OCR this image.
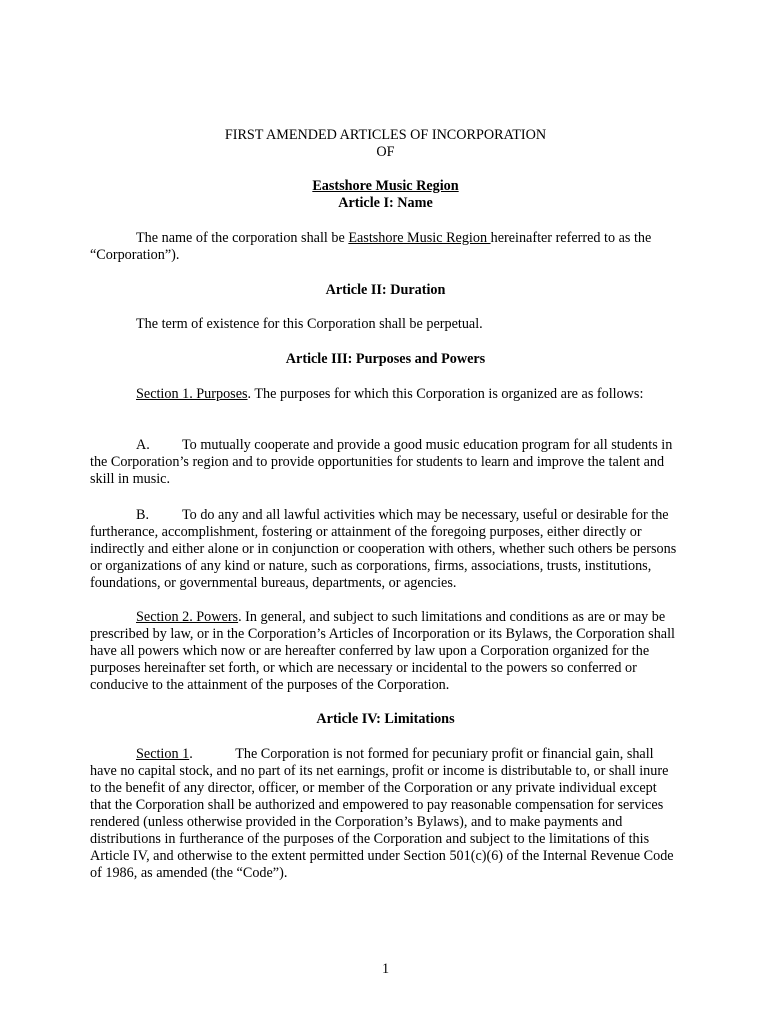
FIRST AMENDED ARTICLES OF INCORPORATION
OF
Eastshore Music Region
Article I: Name

The name of the corporation shall be Eastshore Music Region hereinafter referred to as the “Corporation”).

Article II: Duration

The term of existence for this Corporation shall be perpetual.

Article III: Purposes and Powers

Section 1. Purposes. The purposes for which this Corporation is organized are as follows:

A. To mutually cooperate and provide a good music education program for all students in the Corporation’s region and to provide opportunities for students to learn and improve the talent and skill in music.

B. To do any and all lawful activities which may be necessary, useful or desirable for the furtherance, accomplishment, fostering or attainment of the foregoing purposes, either directly or indirectly and either alone or in conjunction or cooperation with others, whether such others be persons or organizations of any kind or nature, such as corporations, firms, associations, trusts, institutions, foundations, or governmental bureaus, departments, or agencies.

Section 2. Powers. In general, and subject to such limitations and conditions as are or may be prescribed by law, or in the Corporation’s Articles of Incorporation or its Bylaws, the Corporation shall have all powers which now or are hereafter conferred by law upon a Corporation organized for the purposes hereinafter set forth, or which are necessary or incidental to the powers so conferred or conducive to the attainment of the purposes of the Corporation.

Article IV: Limitations

Section 1.	The Corporation is not formed for pecuniary profit or financial gain, shall have no capital stock, and no part of its net earnings, profit or income is distributable to, or shall inure to the benefit of any director, officer, or member of the Corporation or any private individual except that the Corporation shall be authorized and empowered to pay reasonable compensation for services rendered (unless otherwise provided in the Corporation’s Bylaws), and to make payments and distributions in furtherance of the purposes of the Corporation and subject to the limitations of this Article IV, and otherwise to the extent permitted under Section 501(c)(6) of the Internal Revenue Code of 1986, as amended (the “Code”).

1
